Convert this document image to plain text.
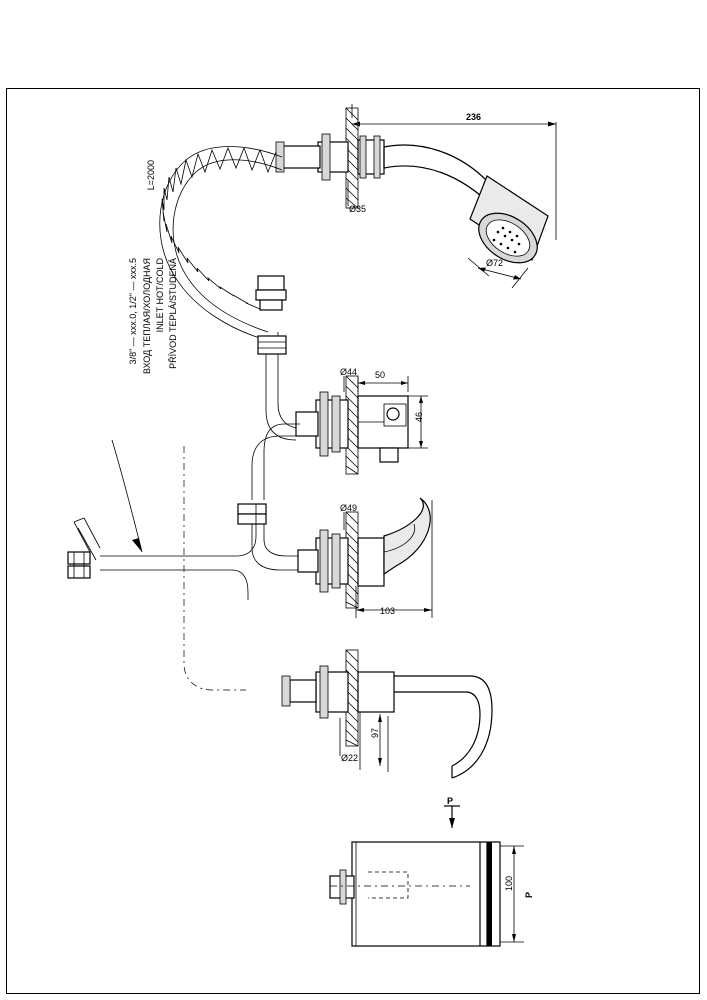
236
Ø35
Ø72
Ø44 50
46
Ø49
103
97
Ø22
100
P
P
L=2000
PŘÍVOD TEPLÁ/STUDENÁ
INLET HOT/COLD
ВХОД ТЕПЛАЯ/ХОЛОДНАЯ
3/8" — xxx.0, 1/2" — xxx.5
